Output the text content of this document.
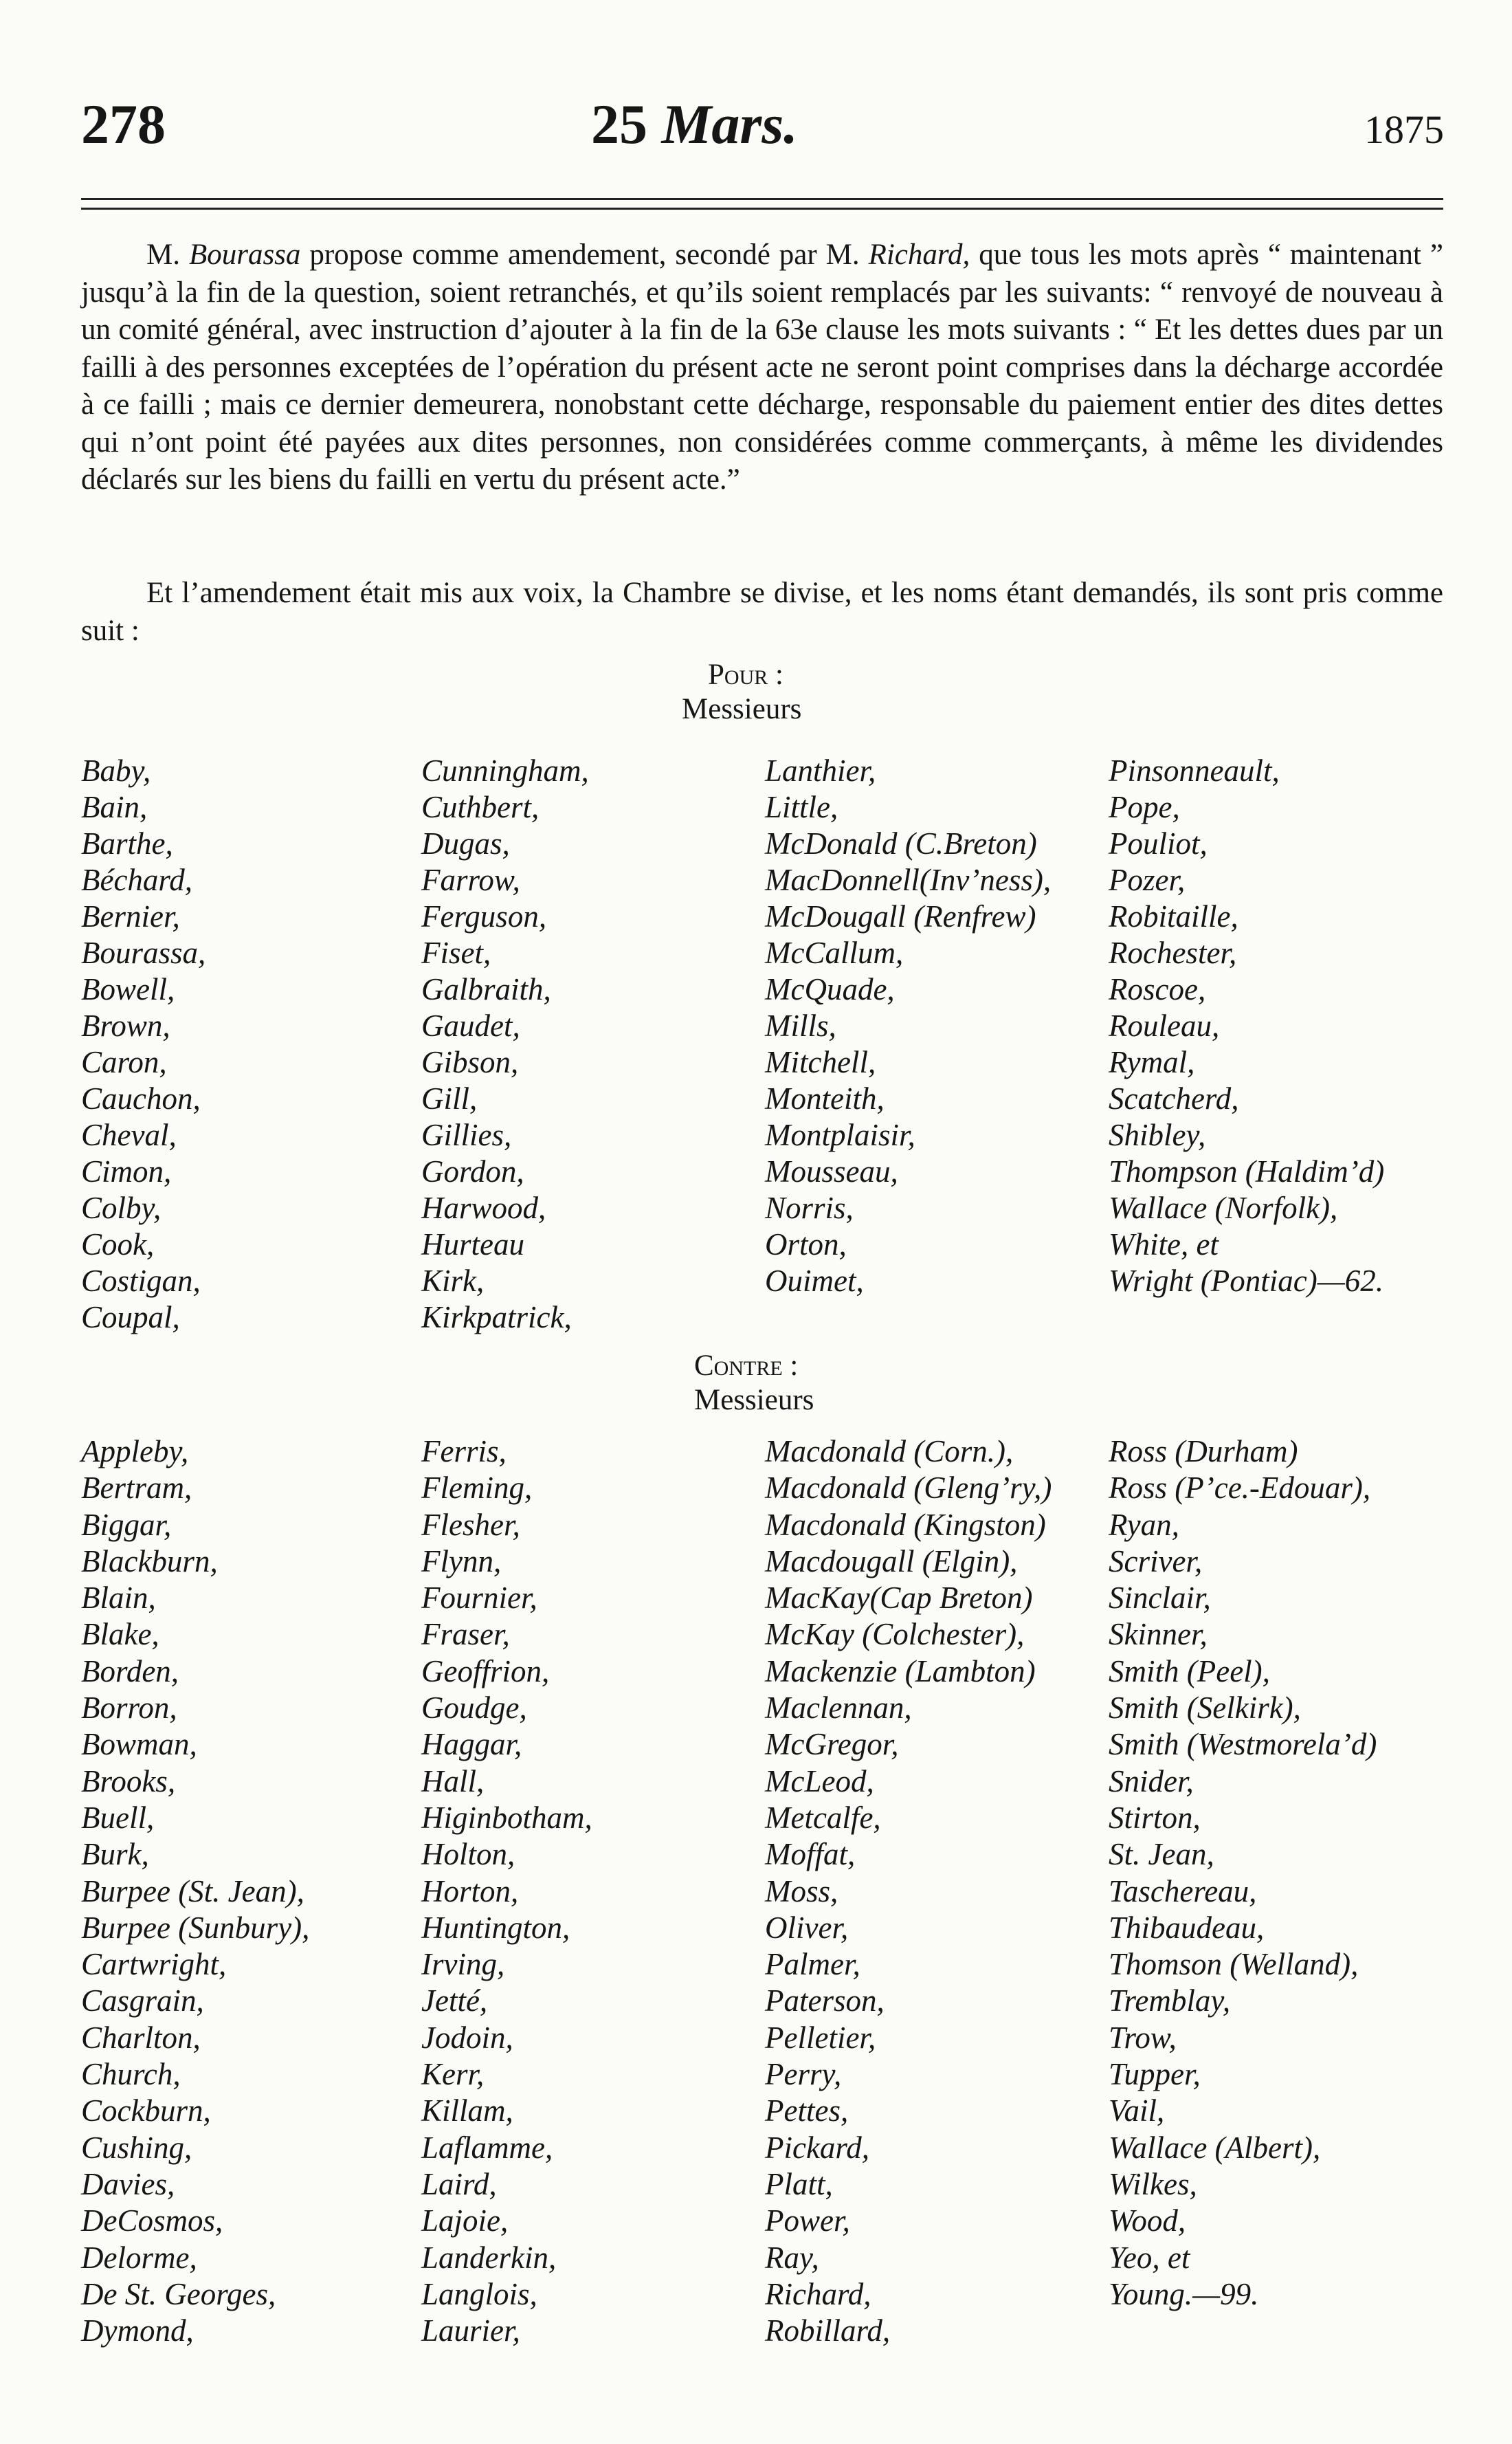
278	25 Mars.	1875
M. Bourassa propose comme amendement, secondé par M. Richard, que tous les mots après “ maintenant ” jusqu’à la fin de la question, soient retranchés, et qu’ils soient remplacés par les suivants: “ renvoyé de nouveau à un comité général, avec instruction d’ajouter à la fin de la 63e clause les mots suivants : “ Et les dettes dues par un failli à des personnes exceptées de l’opération du présent acte ne seront point comprises dans la décharge accordée à ce failli ; mais ce dernier demeurera, nonobstant cette décharge, responsable du paiement entier des dites dettes qui n’ont point été payées aux dites personnes, non considérées comme commerçants, à même les dividendes déclarés sur les biens du failli en vertu du présent acte.”
Et l’amendement était mis aux voix, la Chambre se divise, et les noms étant demandés, ils sont pris comme suit :
Pour :
Messieurs
Baby,
Bain,
Barthe,
Béchard,
Bernier,
Bourassa,
Bowell,
Brown,
Caron,
Cauchon,
Cheval,
Cimon,
Colby,
Cook,
Costigan,
Coupal,
Cunningham,
Cuthbert,
Dugas,
Farrow,
Ferguson,
Fiset,
Galbraith,
Gaudet,
Gibson,
Gill,
Gillies,
Gordon,
Harwood,
Hurteau
Kirk,
Kirkpatrick,
Lanthier,
Little,
McDonald (C.Breton)
MacDonnell(Inv’ness),
McDougall (Renfrew)
McCallum,
McQuade,
Mills,
Mitchell,
Monteith,
Montplaisir,
Mousseau,
Norris,
Orton,
Ouimet,
Pinsonneault,
Pope,
Pouliot,
Pozer,
Robitaille,
Rochester,
Roscoe,
Rouleau,
Rymal,
Scatcherd,
Shibley,
Thompson (Haldim’d)
Wallace (Norfolk),
White, et
Wright (Pontiac)—62.
Contre :
Messieurs
Appleby,
Bertram,
Biggar,
Blackburn,
Blain,
Blake,
Borden,
Borron,
Bowman,
Brooks,
Buell,
Burk,
Burpee (St. Jean),
Burpee (Sunbury),
Cartwright,
Casgrain,
Charlton,
Church,
Cockburn,
Cushing,
Davies,
DeCosmos,
Delorme,
De St. Georges,
Dymond,
Ferris,
Fleming,
Flesher,
Flynn,
Fournier,
Fraser,
Geoffrion,
Goudge,
Haggar,
Hall,
Higinbotham,
Holton,
Horton,
Huntington,
Irving,
Jetté,
Jodoin,
Kerr,
Killam,
Laflamme,
Laird,
Lajoie,
Landerkin,
Langlois,
Laurier,
Macdonald (Corn.),
Macdonald (Gleng’ry,)
Macdonald (Kingston)
Macdougall (Elgin),
MacKay(Cap Breton)
McKay (Colchester),
Mackenzie (Lambton)
Maclennan,
McGregor,
McLeod,
Metcalfe,
Moffat,
Moss,
Oliver,
Palmer,
Paterson,
Pelletier,
Perry,
Pettes,
Pickard,
Platt,
Power,
Ray,
Richard,
Robillard,
Ross (Durham)
Ross (P’ce.-Edouar),
Ryan,
Scriver,
Sinclair,
Skinner,
Smith (Peel),
Smith (Selkirk),
Smith (Westmorela’d)
Snider,
Stirton,
St. Jean,
Taschereau,
Thibaudeau,
Thomson (Welland),
Tremblay,
Trow,
Tupper,
Vail,
Wallace (Albert),
Wilkes,
Wood,
Yeo, et
Young.—99.
